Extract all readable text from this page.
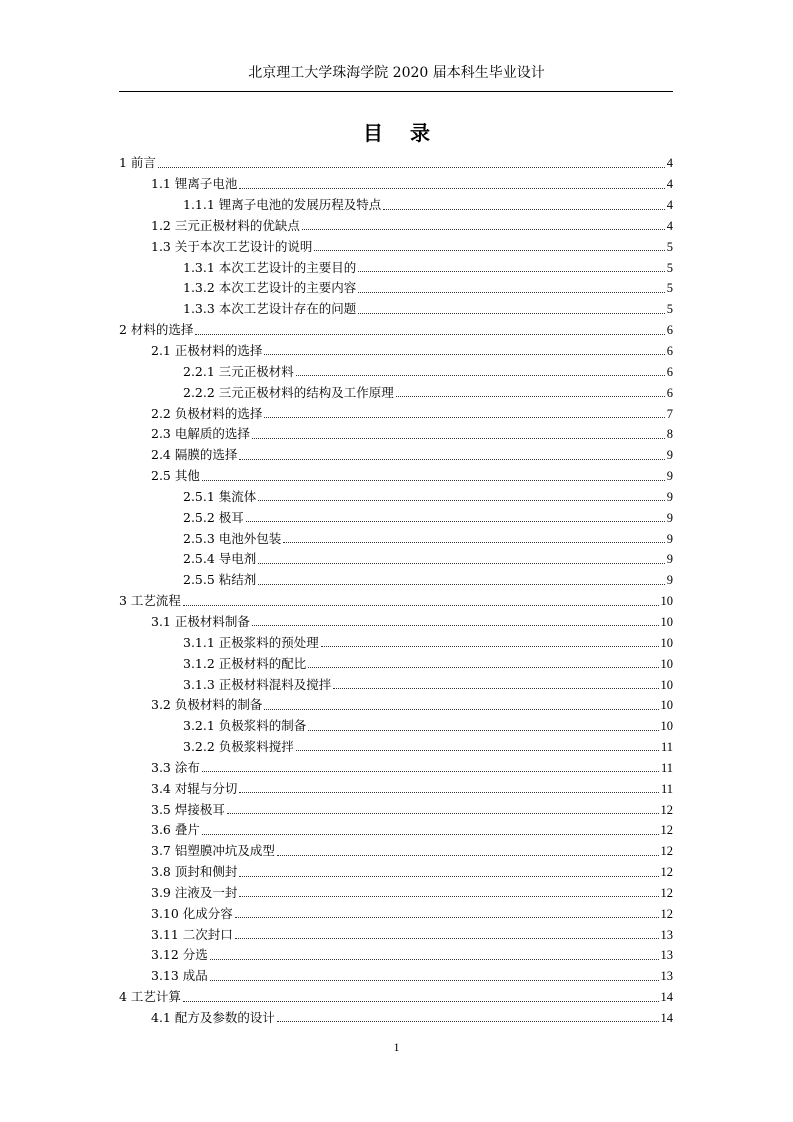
北京理工大学珠海学院 2020 届本科生毕业设计
目 录
1 前言	4
1.1 锂离子电池	4
1.1.1 锂离子电池的发展历程及特点	4
1.2 三元正极材料的优缺点	4
1.3 关于本次工艺设计的说明	5
1.3.1 本次工艺设计的主要目的	5
1.3.2 本次工艺设计的主要内容	5
1.3.3 本次工艺设计存在的问题	5
2 材料的选择	6
2.1 正极材料的选择	6
2.2.1 三元正极材料	6
2.2.2 三元正极材料的结构及工作原理	6
2.2 负极材料的选择	7
2.3 电解质的选择	8
2.4 隔膜的选择	9
2.5 其他	9
2.5.1 集流体	9
2.5.2 极耳	9
2.5.3 电池外包装	9
2.5.4 导电剂	9
2.5.5 粘结剂	9
3 工艺流程	10
3.1 正极材料制备	10
3.1.1 正极浆料的预处理	10
3.1.2 正极材料的配比	10
3.1.3 正极材料混料及搅拌	10
3.2 负极材料的制备	10
3.2.1 负极浆料的制备	10
3.2.2 负极浆料搅拌	11
3.3 涂布	11
3.4 对辊与分切	11
3.5 焊接极耳	12
3.6 叠片	12
3.7 铝塑膜冲坑及成型	12
3.8 顶封和侧封	12
3.9 注液及一封	12
3.10 化成分容	12
3.11 二次封口	13
3.12 分选	13
3.13 成品	13
4 工艺计算	14
4.1 配方及参数的设计	14
1
